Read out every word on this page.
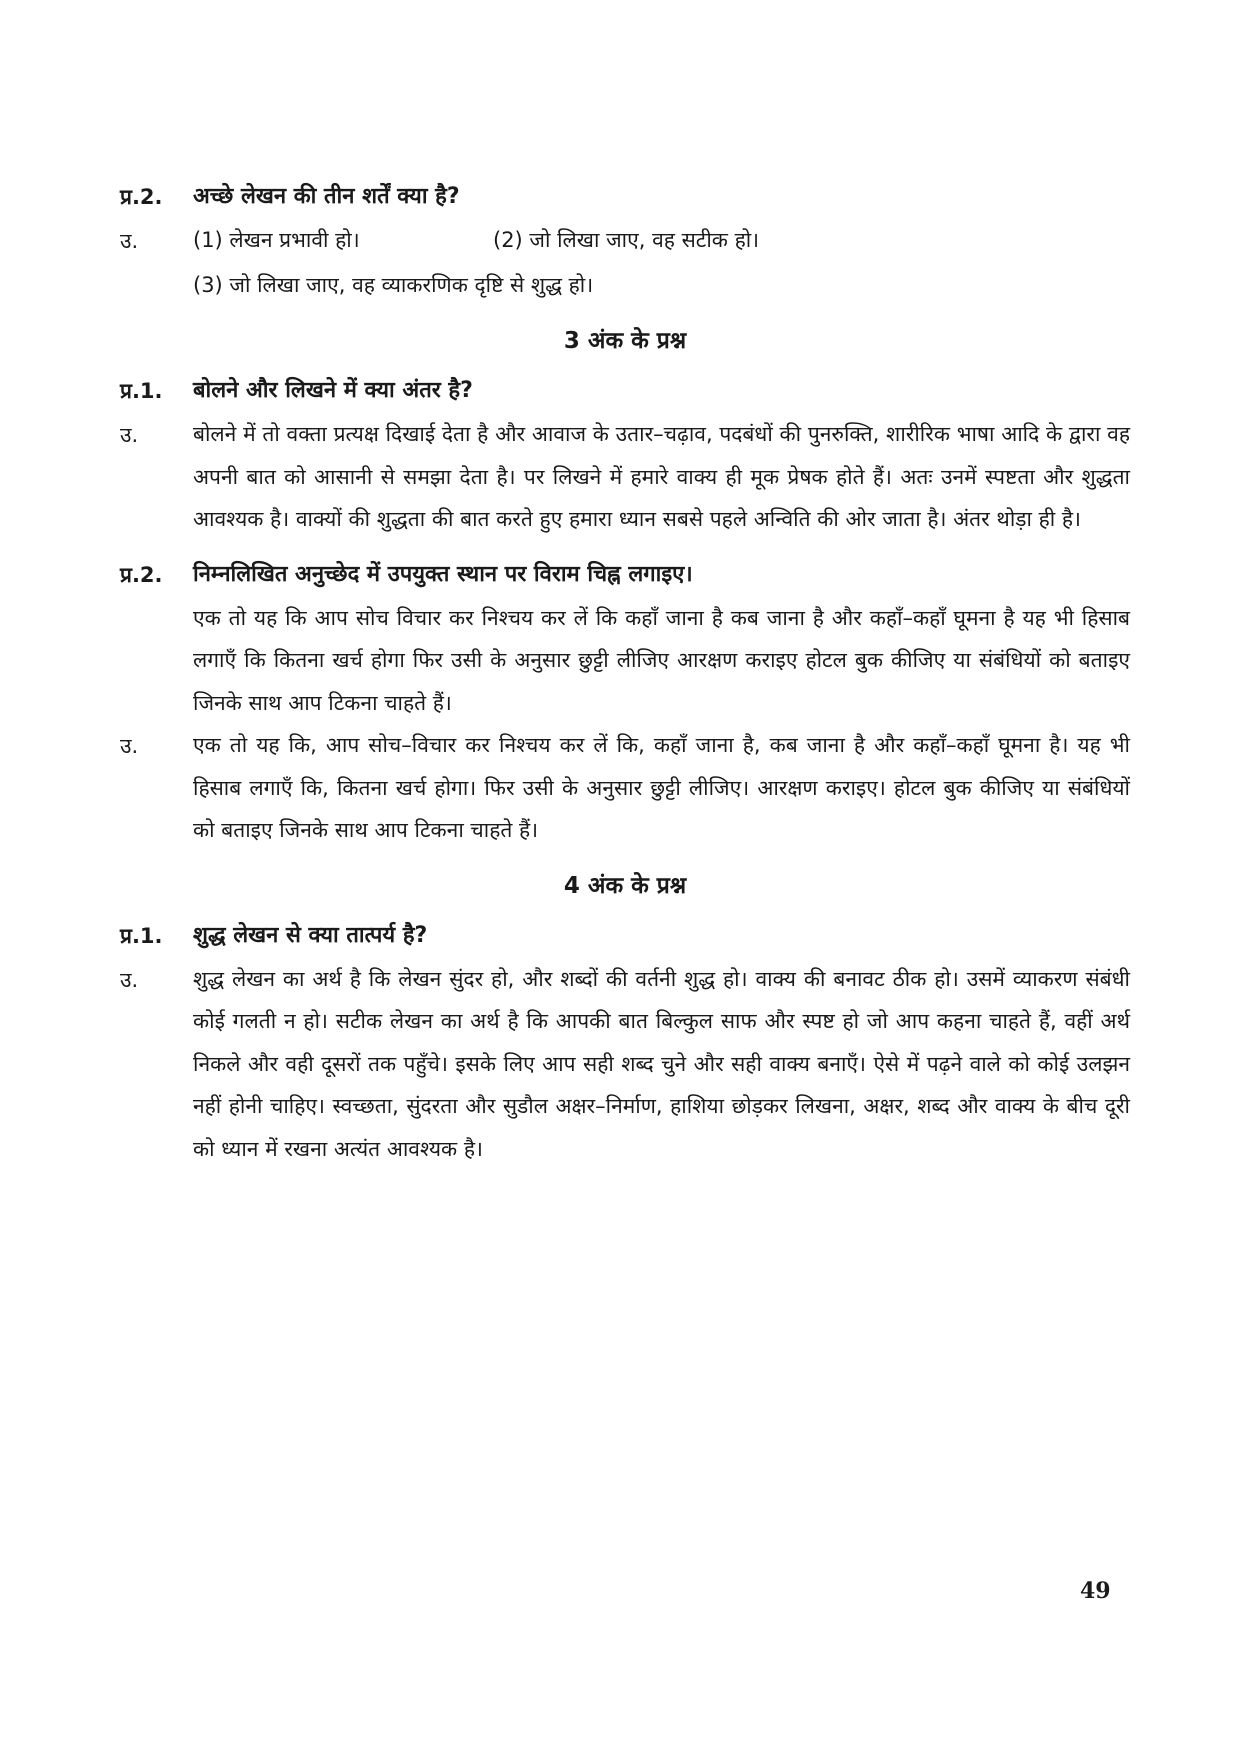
प्र.2.	अच्छे लेखन की तीन शर्तें क्या है?
उ.	(1) लेखन प्रभावी हो।	(2) जो लिखा जाए, वह सटीक हो।
(3) जो लिखा जाए, वह व्याकरणिक दृष्टि से शुद्ध हो।
3 अंक के प्रश्न
प्र.1.	बोलने और लिखने में क्या अंतर है?
उ.	बोलने में तो वक्ता प्रत्यक्ष दिखाई देता है और आवाज के उतार–चढ़ाव, पदबंधों की पुनरुक्ति, शारीरिक भाषा आदि के द्वारा वह अपनी बात को आसानी से समझा देता है। पर लिखने में हमारे वाक्य ही मूक प्रेषक होते हैं। अतः उनमें स्पष्टता और शुद्धता आवश्यक है। वाक्यों की शुद्धता की बात करते हुए हमारा ध्यान सबसे पहले अन्विति की ओर जाता है। अंतर थोड़ा ही है।
प्र.2.	निम्नलिखित अनुच्छेद में उपयुक्त स्थान पर विराम चिह्न लगाइए।
एक तो यह कि आप सोच विचार कर निश्चय कर लें कि कहाँ जाना है कब जाना है और कहाँ–कहाँ घूमना है यह भी हिसाब लगाएँ कि कितना खर्च होगा फिर उसी के अनुसार छुट्टी लीजिए आरक्षण कराइए होटल बुक कीजिए या संबंधियों को बताइए जिनके साथ आप टिकना चाहते हैं।
उ.	एक तो यह कि, आप सोच–विचार कर निश्चय कर लें कि, कहाँ जाना है, कब जाना है और कहाँ–कहाँ घूमना है। यह भी हिसाब लगाएँ कि, कितना खर्च होगा। फिर उसी के अनुसार छुट्टी लीजिए। आरक्षण कराइए। होटल बुक कीजिए या संबंधियों को बताइए जिनके साथ आप टिकना चाहते हैं।
4 अंक के प्रश्न
प्र.1.	शुद्ध लेखन से क्या तात्पर्य है?
उ.	शुद्ध लेखन का अर्थ है कि लेखन सुंदर हो, और शब्दों की वर्तनी शुद्ध हो। वाक्य की बनावट ठीक हो। उसमें व्याकरण संबंधी कोई गलती न हो। सटीक लेखन का अर्थ है कि आपकी बात बिल्कुल साफ और स्पष्ट हो जो आप कहना चाहते हैं, वहीं अर्थ निकले और वही दूसरों तक पहुँचे। इसके लिए आप सही शब्द चुने और सही वाक्य बनाएँ। ऐसे में पढ़ने वाले को कोई उलझन नहीं होनी चाहिए। स्वच्छता, सुंदरता और सुडौल अक्षर–निर्माण, हाशिया छोड़कर लिखना, अक्षर, शब्द और वाक्य के बीच दूरी को ध्यान में रखना अत्यंत आवश्यक है।
49
